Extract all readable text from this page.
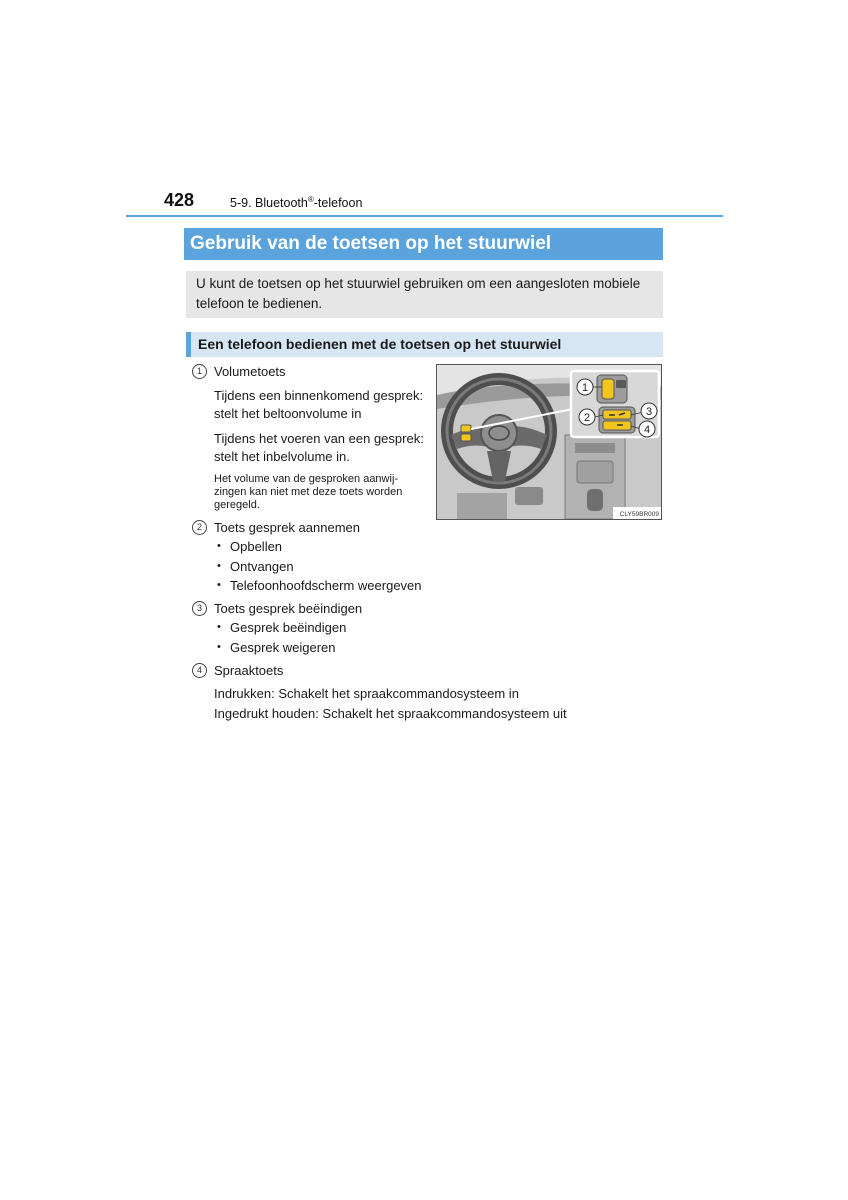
428	5-9. Bluetooth®-telefoon
Gebruik van de toetsen op het stuurwiel
U kunt de toetsen op het stuurwiel gebruiken om een aangesloten mobiele
telefoon te bedienen.
Een telefoon bedienen met de toetsen op het stuurwiel
1 Volumetoets
Tijdens een binnenkomend gesprek:
stelt het beltoonvolume in
Tijdens het voeren van een gesprek:
stelt het inbelvolume in.
Het volume van de gesproken aanwij-
zingen kan niet met deze toets worden
geregeld.
1
2	3
4
CLY59BR009
2 Toets gesprek aannemen
• Opbellen
• Ontvangen
• Telefoonhoofdscherm weergeven
3 Toets gesprek beëindigen
• Gesprek beëindigen
• Gesprek weigeren
4 Spraaktoets
Indrukken: Schakelt het spraakcommandosysteem in
Ingedrukt houden: Schakelt het spraakcommandosysteem uit
